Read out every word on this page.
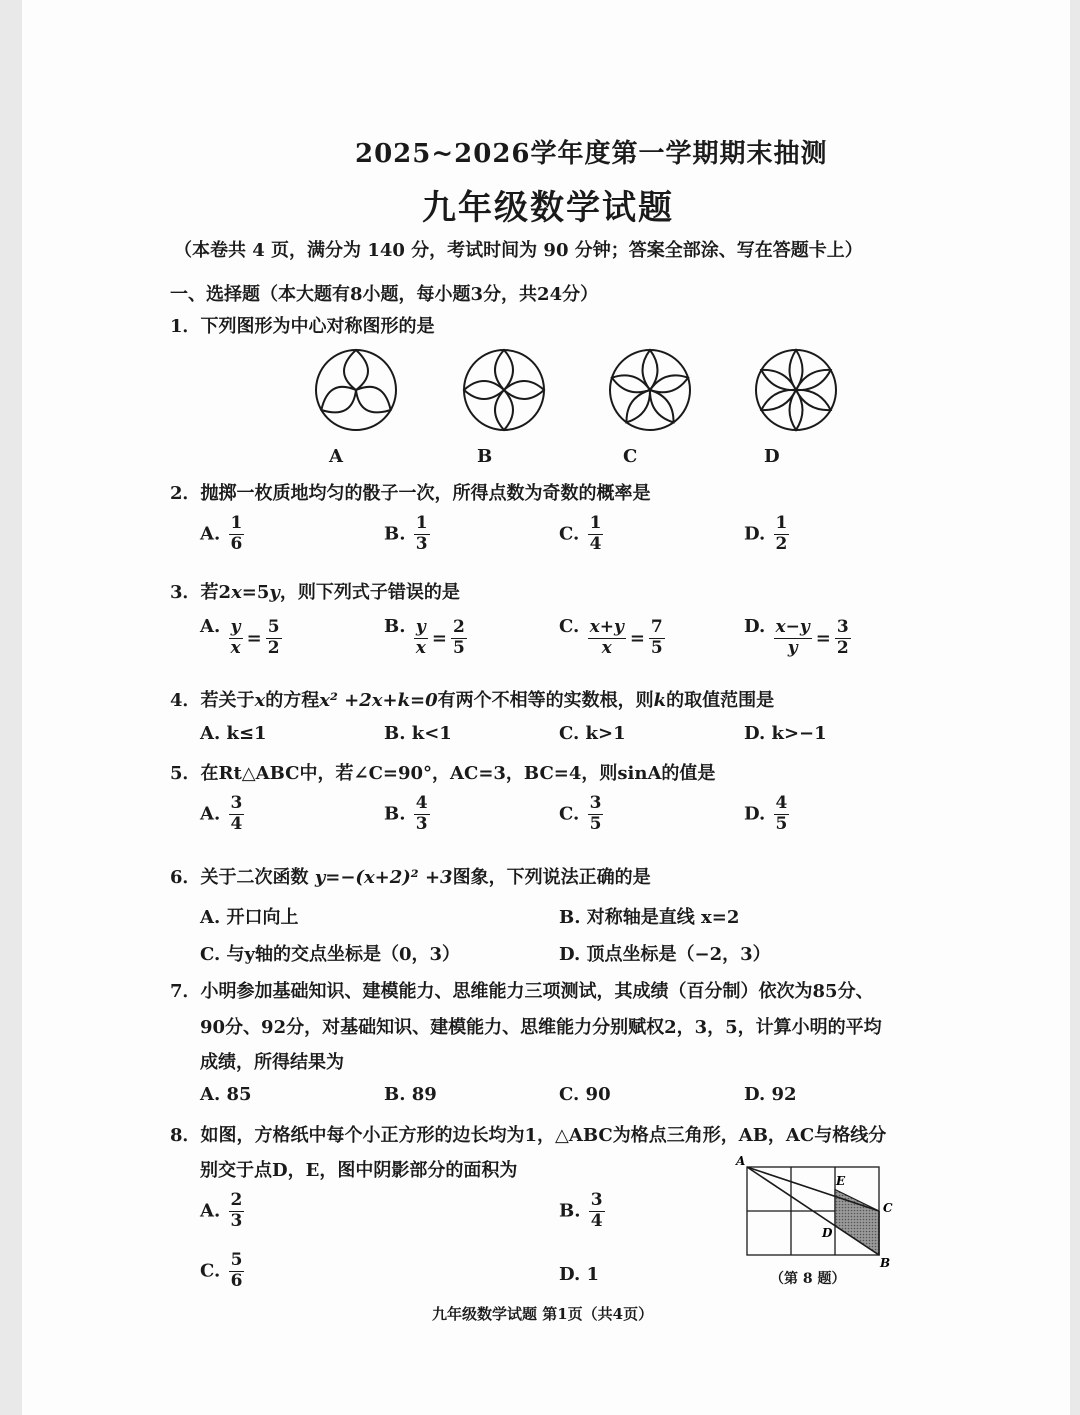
2025~2026学年度第一学期期末抽测
九年级数学试题
（本卷共 4 页，满分为 140 分，考试时间为 90 分钟；答案全部涂、写在答题卡上）
一、选择题（本大题有8小题，每小题3分，共24分）
1．下列图形为中心对称图形的是
A	B	C	D
2．抛掷一枚质地均匀的骰子一次，所得点数为奇数的概率是
A. $\frac{1}{6}$	B. $\frac{1}{3}$	C. $\frac{1}{4}$	D. $\frac{1}{2}$
3．若2x=5y，则下列式子错误的是
A. $\frac{y}{x} = \frac{5}{2}$	B. $\frac{y}{x} = \frac{2}{5}$	C. $\frac{x+y}{x} = \frac{7}{5}$	D. $\frac{x-y}{y} = \frac{3}{2}$
4．若关于x的方程x² +2x+k=0有两个不相等的实数根，则k的取值范围是
A. k≤1	B. k<1	C. k>1	D. k>−1
5．在Rt△ABC中，若∠C=90°，AC=3，BC=4，则sinA的值是
A. $\frac{3}{4}$	B. $\frac{4}{3}$	C. $\frac{3}{5}$	D. $\frac{4}{5}$
6．关于二次函数 y=−(x+2)² +3图象，下列说法正确的是
A. 开口向上	B. 对称轴是直线 x=2
C. 与y轴的交点坐标是（0，3）	D. 顶点坐标是（−2，3）
7．小明参加基础知识、建模能力、思维能力三项测试，其成绩（百分制）依次为85分、
90分、92分，对基础知识、建模能力、思维能力分别赋权2，3，5，计算小明的平均
成绩，所得结果为
A. 85	B. 89	C. 90	D. 92
8．如图，方格纸中每个小正方形的边长均为1，△ABC为格点三角形，AB，AC与格线分
别交于点D，E，图中阴影部分的面积为
A. $\frac{2}{3}$	B. $\frac{3}{4}$
C. $\frac{5}{6}$	D. 1
A
B
C
D
E
（第 8 题）
九年级数学试题 第1页（共4页）
